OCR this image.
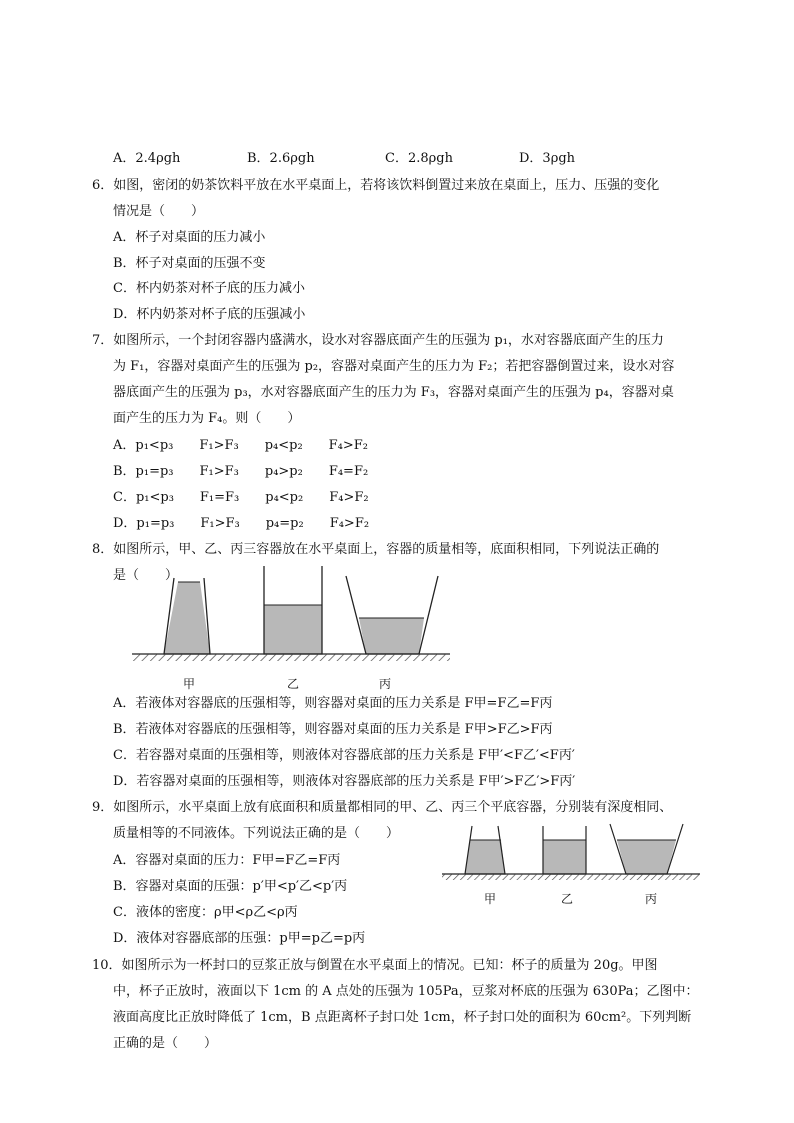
A．2.4ρgh	B．2.6ρgh	C．2.8ρgh	D．3ρgh
6．如图，密闭的奶茶饮料平放在水平桌面上，若将该饮料倒置过来放在桌面上，压力、压强的变化
情况是（　　）
A．杯子对桌面的压力减小
B．杯子对桌面的压强不变
C．杯内奶茶对杯子底的压力减小
D．杯内奶茶对杯子底的压强减小
7．如图所示，一个封闭容器内盛满水，设水对容器底面产生的压强为 p₁，水对容器底面产生的压力
为 F₁，容器对桌面产生的压强为 p₂，容器对桌面产生的压力为 F₂；若把容器倒置过来，设水对容
器底面产生的压强为 p₃，水对容器底面产生的压力为 F₃，容器对桌面产生的压强为 p₄，容器对桌
面产生的压力为 F₄。则（　　）
A．p₁<p₃　　F₁>F₃　　p₄<p₂　　F₄>F₂
B．p₁=p₃　　F₁>F₃　　p₄>p₂　　F₄=F₂
C．p₁<p₃　　F₁=F₃　　p₄<p₂　　F₄>F₂
D．p₁=p₃　　F₁>F₃　　p₄=p₂　　F₄>F₂
8．如图所示，甲、乙、丙三容器放在水平桌面上，容器的质量相等，底面积相同，下列说法正确的
是（　　）
甲	乙	丙
A．若液体对容器底的压强相等，则容器对桌面的压力关系是 F甲=F乙=F丙
B．若液体对容器底的压强相等，则容器对桌面的压力关系是 F甲>F乙>F丙
C．若容器对桌面的压强相等，则液体对容器底部的压力关系是 F甲′<F乙′<F丙′
D．若容器对桌面的压强相等，则液体对容器底部的压力关系是 F甲′>F乙′>F丙′
9．如图所示，水平桌面上放有底面积和质量都相同的甲、乙、丙三个平底容器，分别装有深度相同、
质量相等的不同液体。下列说法正确的是（　　）
A．容器对桌面的压力：F甲=F乙=F丙
B．容器对桌面的压强：p′甲<p′乙<p′丙
C．液体的密度：ρ甲<ρ乙<ρ丙
D．液体对容器底部的压强：p甲=p乙=p丙
甲	乙	丙
10．如图所示为一杯封口的豆浆正放与倒置在水平桌面上的情况。已知：杯子的质量为 20g。甲图
中，杯子正放时，液面以下 1cm 的 A 点处的压强为 105Pa，豆浆对杯底的压强为 630Pa；乙图中：
液面高度比正放时降低了 1cm，B 点距离杯子封口处 1cm，杯子封口处的面积为 60cm²。下列判断
正确的是（　　）
